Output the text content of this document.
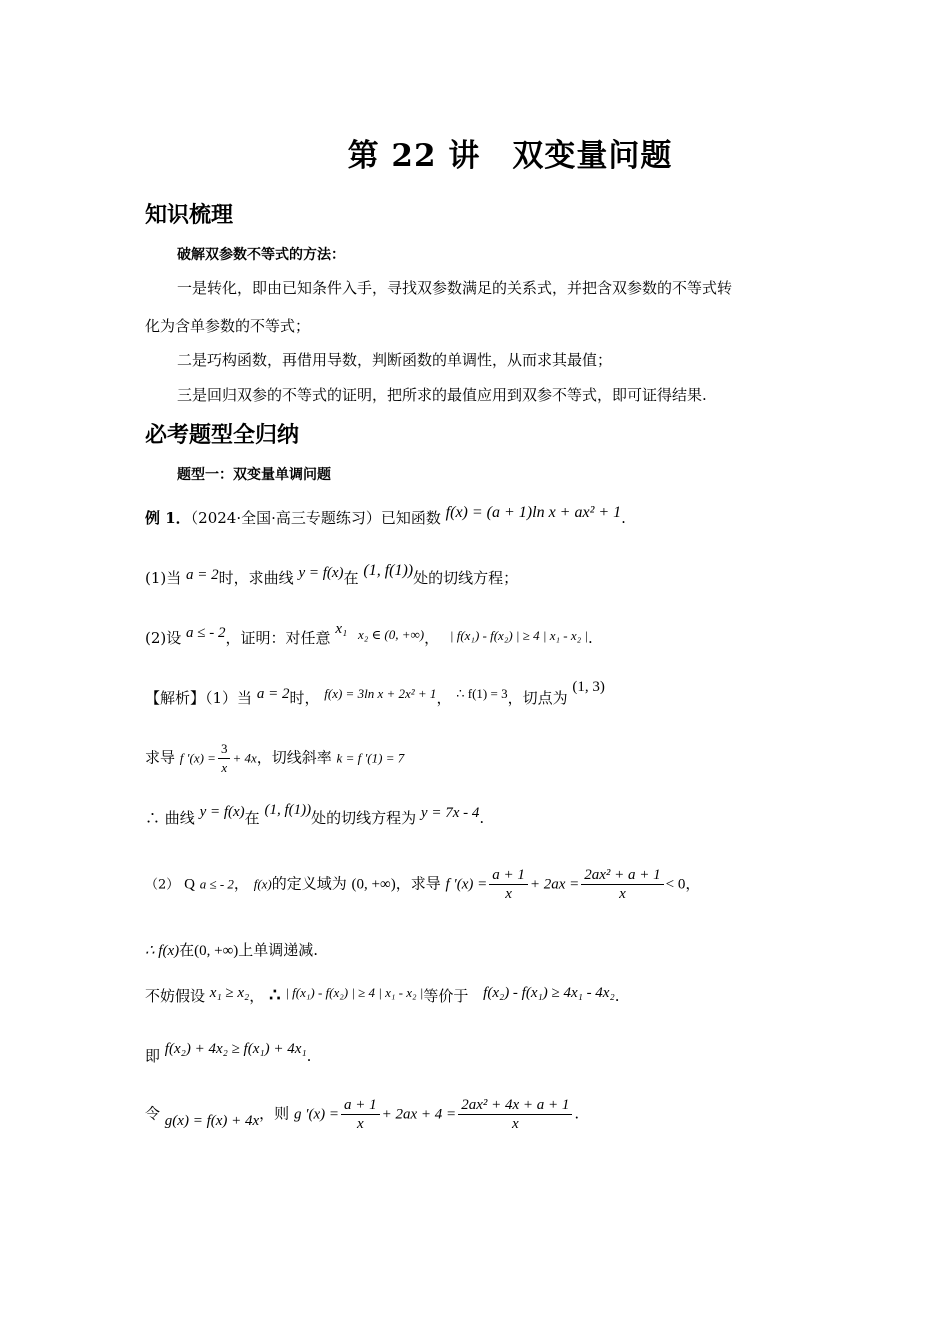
第 22 讲　双变量问题
知识梳理
破解双参数不等式的方法：
一是转化，即由已知条件入手，寻找双参数满足的关系式，并把含双参数的不等式转
化为含单参数的不等式；
二是巧构函数，再借用导数，判断函数的单调性，从而求其最值；
三是回归双参的不等式的证明，把所求的最值应用到双参不等式，即可证得结果.
必考题型全归纳
题型一：双变量单调问题
例 1．（2024·全国·高三专题练习）已知函数 f(x) = (a + 1)ln x + ax² + 1.
(1)当 a = 2时，求曲线 y = f(x)在 (1, f(1))处的切线方程；
(2)设 a ≤ - 2，证明：对任意 x₁ x₂ ∈ (0, +∞)， | f(x₁) - f(x₂) | ≥ 4 | x₁ - x₂ |.
【解析】（1）当 a = 2时， f(x) = 3ln x + 2x² + 1， ∴ f(1) = 3，切点为 (1, 3)
求导 f $'(x) = \frac{3}{x} + 4x$，切线斜率 k = f ′(1) = 7
∴ 曲线 y = f(x)在 (1, f(1))处的切线方程为 y = 7x - 4.
（2） Q a ≤ - 2， f(x)的定义域为 (0, +∞)，求导 f $'(x) = \frac{a + 1}{x} + 2ax = \frac{\text{2ax² + a + 1}}{x} < 0$，
∴ f(x)在(0, +∞)上单调递减.
不妨假设 x₁ ≥ x₂， ∴ | f(x₁) - f(x₂) | ≥ 4 | x₁ - x₂ |等价于 f(x₂) - f(x₁) ≥ 4x₁ - 4x₂.
即 f(x₂) + 4x₂ ≥ f(x₁) + 4x₁.
令 g(x) = f(x) + 4x，则 g $'(x) = \frac{a + 1}{x} + 2ax + 4 = \frac{\text{2ax² + 4x + a + 1}}{x}$ .
